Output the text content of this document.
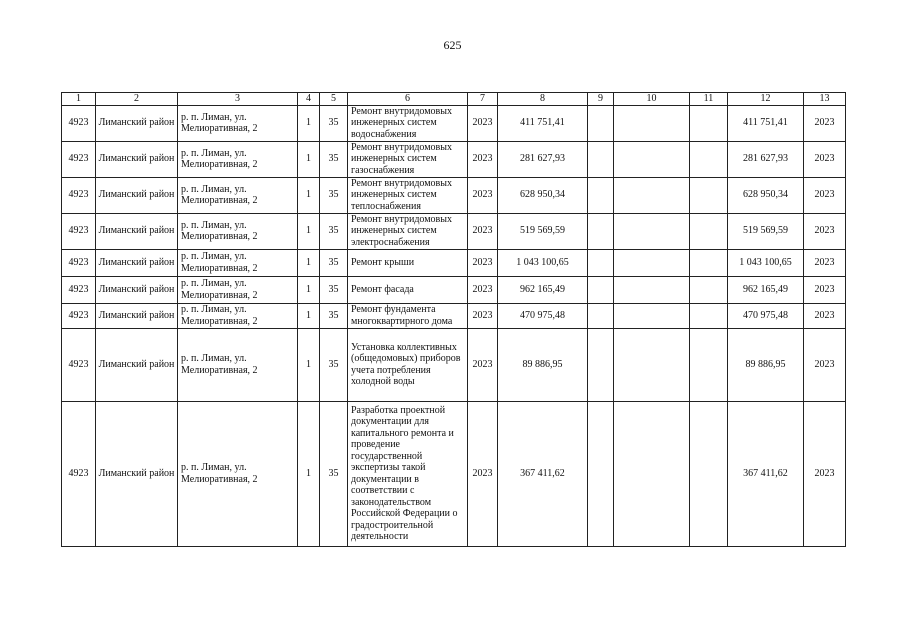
625
1	2	3	4	5	6	7	8	9	10	11	12	13
4923	Лиманский район	р. п. Лиман, ул. Мелиоративная, 2	1	35	Ремонт внутридомовых инженерных систем водоснабжения	2023	411 751,41				411 751,41	2023
4923	Лиманский район	р. п. Лиман, ул. Мелиоративная, 2	1	35	Ремонт внутридомовых инженерных систем газоснабжения	2023	281 627,93				281 627,93	2023
4923	Лиманский район	р. п. Лиман, ул. Мелиоративная, 2	1	35	Ремонт внутридомовых инженерных систем теплоснабжения	2023	628 950,34				628 950,34	2023
4923	Лиманский район	р. п. Лиман, ул. Мелиоративная, 2	1	35	Ремонт внутридомовых инженерных систем электроснабжения	2023	519 569,59				519 569,59	2023
4923	Лиманский район	р. п. Лиман, ул. Мелиоративная, 2	1	35	Ремонт крыши	2023	1 043 100,65				1 043 100,65	2023
4923	Лиманский район	р. п. Лиман, ул. Мелиоративная, 2	1	35	Ремонт фасада	2023	962 165,49				962 165,49	2023
4923	Лиманский район	р. п. Лиман, ул. Мелиоративная, 2	1	35	Ремонт фундамента многоквартирного дома	2023	470 975,48				470 975,48	2023
4923	Лиманский район	р. п. Лиман, ул. Мелиоративная, 2	1	35	Установка коллективных (общедомовых) приборов учета потребления холодной воды	2023	89 886,95				89 886,95	2023
4923	Лиманский район	р. п. Лиман, ул. Мелиоративная, 2	1	35	Разработка проектной документации для капитального ремонта и проведение государственной экспертизы такой документации в соответствии с законодательством Российской Федерации о градостроительной деятельности	2023	367 411,62				367 411,62	2023
